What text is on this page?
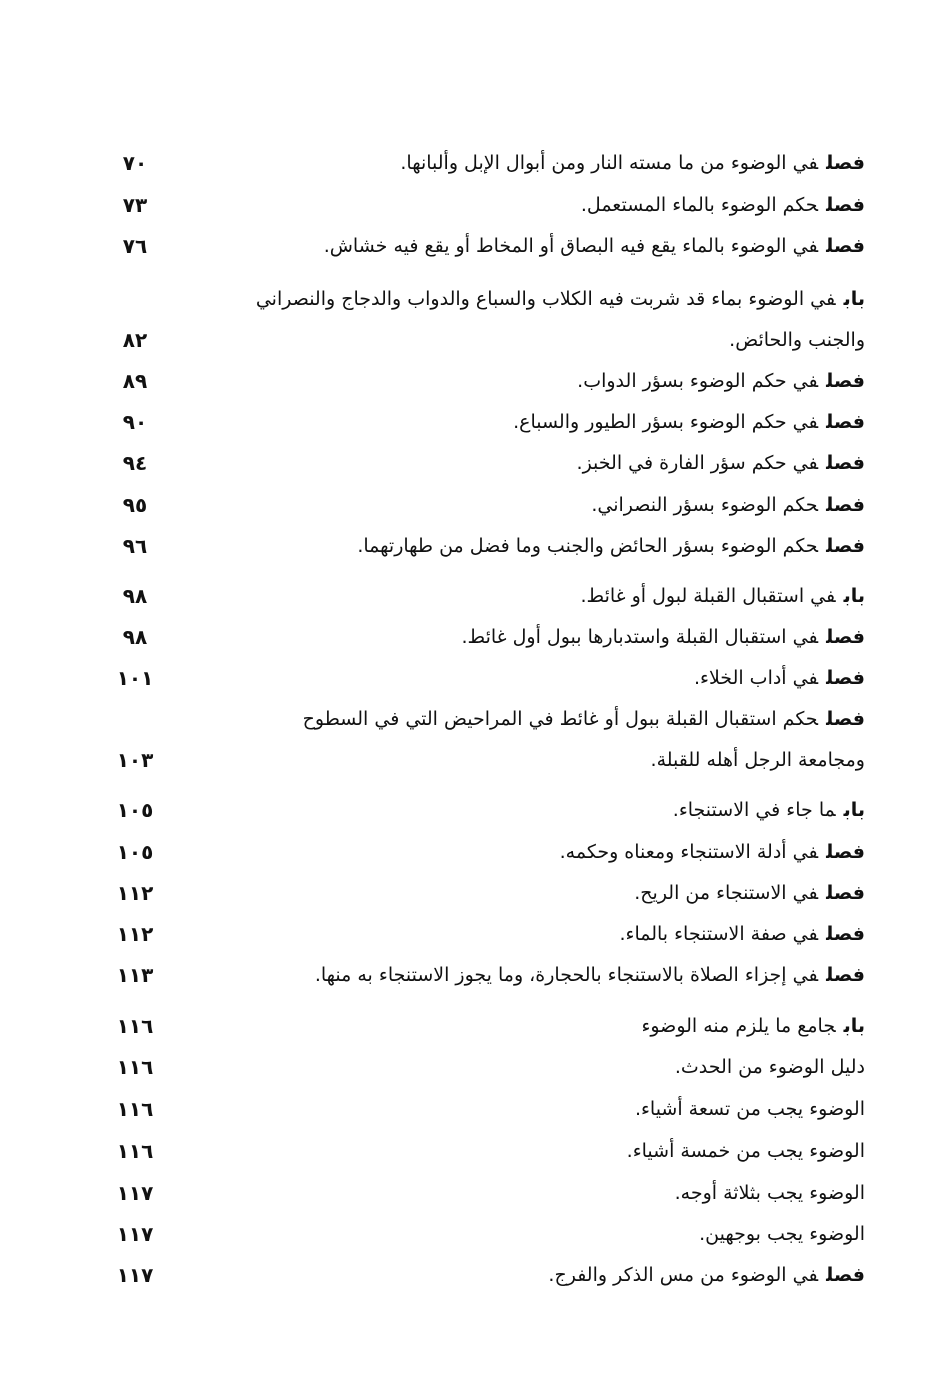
فصلفي الوضوء من ما مسته النار ومن أبوال الإبل وألبانها.
٧٠
فصلحكم الوضوء بالماء المستعمل.
٧٣
فصلفي الوضوء بالماء يقع فيه البصاق أو المخاط أو يقع فيه خشاش.
٧٦
بابفي الوضوء بماء قد شربت فيه الكلاب والسباع والدواب والدجاج والنصراني
والجنب والحائض.
٨٢
فصلفي حكم الوضوء بسؤر الدواب.
٨٩
فصلفي حكم الوضوء بسؤر الطيور والسباع.
٩٠
فصلفي حكم سؤر الفارة في الخبز.
٩٤
فصلحكم الوضوء بسؤر النصراني.
٩٥
فصلحكم الوضوء بسؤر الحائض والجنب وما فضل من طهارتهما.
٩٦
بابفي استقبال القبلة لبول أو غائط.
٩٨
فصلفي استقبال القبلة واستدبارها ببول أول غائط.
٩٨
فصلفي أداب الخلاء.
١٠١
فصلحكم استقبال القبلة ببول أو غائط في المراحيض التي في السطوح
ومجامعة الرجل أهله للقبلة.
١٠٣
بابما جاء في الاستنجاء.
١٠٥
فصلفي أدلة الاستنجاء ومعناه وحكمه.
١٠٥
فصلفي الاستنجاء من الريح.
١١٢
فصلفي صفة الاستنجاء بالماء.
١١٢
فصلفي إجزاء الصلاة بالاستنجاء بالحجارة، وما يجوز الاستنجاء به منها.
١١٣
بابجامع ما يلزم منه الوضوء
١١٦
دليل الوضوء من الحدث.
١١٦
الوضوء يجب من تسعة أشياء.
١١٦
الوضوء يجب من خمسة أشياء.
١١٦
الوضوء يجب بثلاثة أوجه.
١١٧
الوضوء يجب بوجهين.
١١٧
فصلفي الوضوء من مس الذكر والفرج.
١١٧
